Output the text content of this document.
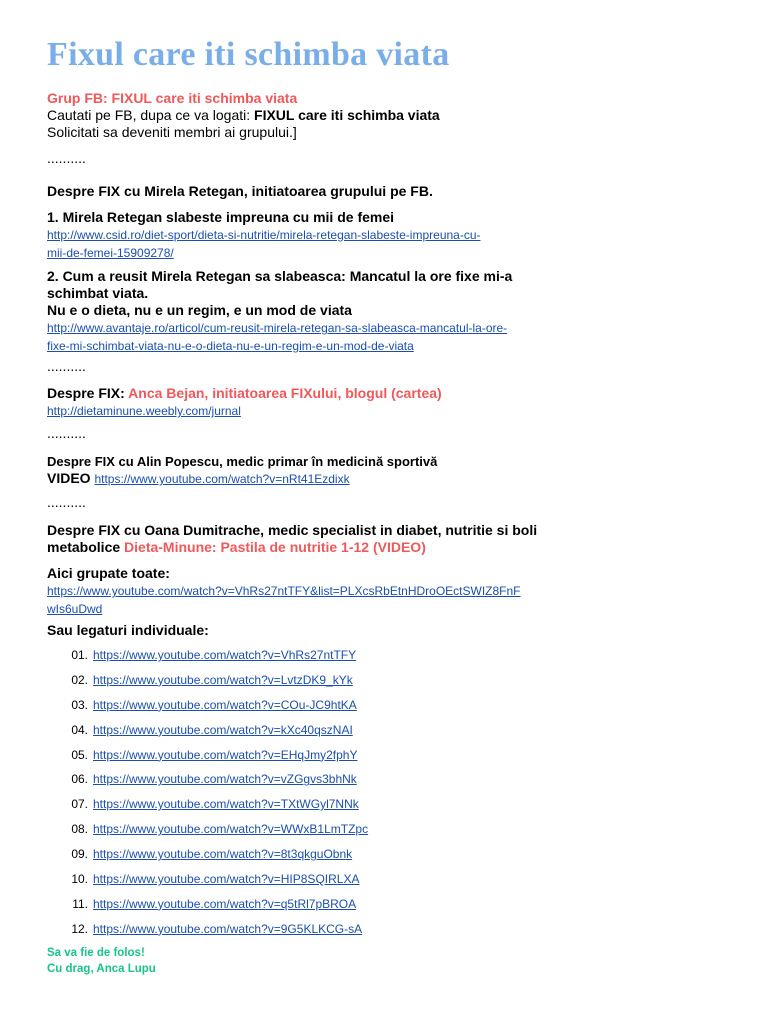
Fixul care iti schimba viata
Grup FB: FIXUL care iti schimba viata
Cautati pe FB, dupa ce va logati: FIXUL care iti schimba viata
Solicitati sa deveniti membri ai grupului.]
..........
Despre FIX cu Mirela Retegan, initiatoarea grupului pe FB.
1. Mirela Retegan slabeste impreuna cu mii de femei
http://www.csid.ro/diet-sport/dieta-si-nutritie/mirela-retegan-slabeste-impreuna-cu-
mii-de-femei-15909278/
2. Cum a reusit Mirela Retegan sa slabeasca: Mancatul la ore fixe mi-a
schimbat viata.
Nu e o dieta, nu e un regim, e un mod de viata
http://www.avantaje.ro/articol/cum-reusit-mirela-retegan-sa-slabeasca-mancatul-la-ore-
fixe-mi-schimbat-viata-nu-e-o-dieta-nu-e-un-regim-e-un-mod-de-viata
..........
Despre FIX: Anca Bejan, initiatoarea FIXului, blogul (cartea)
http://dietaminune.weebly.com/jurnal
..........
Despre FIX cu Alin Popescu, medic primar în medicină sportivă
VIDEO https://www.youtube.com/watch?v=nRt41Ezdixk
..........
Despre FIX cu Oana Dumitrache, medic specialist in diabet, nutritie si boli
metabolice Dieta-Minune: Pastila de nutritie 1-12 (VIDEO)
Aici grupate toate:
https://www.youtube.com/watch?v=VhRs27ntTFY&list=PLXcsRbEtnHDroOEctSWIZ8FnF
wIs6uDwd
Sau legaturi individuale:
01. https://www.youtube.com/watch?v=VhRs27ntTFY
02. https://www.youtube.com/watch?v=LvtzDK9_kYk
03. https://www.youtube.com/watch?v=COu-JC9htKA
04. https://www.youtube.com/watch?v=kXc40qszNAI
05. https://www.youtube.com/watch?v=EHqJmy2fphY
06. https://www.youtube.com/watch?v=vZGgvs3bhNk
07. https://www.youtube.com/watch?v=TXtWGyl7NNk
08. https://www.youtube.com/watch?v=WWxB1LmTZpc
09. https://www.youtube.com/watch?v=8t3qkguObnk
10. https://www.youtube.com/watch?v=HIP8SQIRLXA
11. https://www.youtube.com/watch?v=q5tRl7pBROA
12. https://www.youtube.com/watch?v=9G5KLKCG-sA
Sa va fie de folos!
Cu drag, Anca Lupu
